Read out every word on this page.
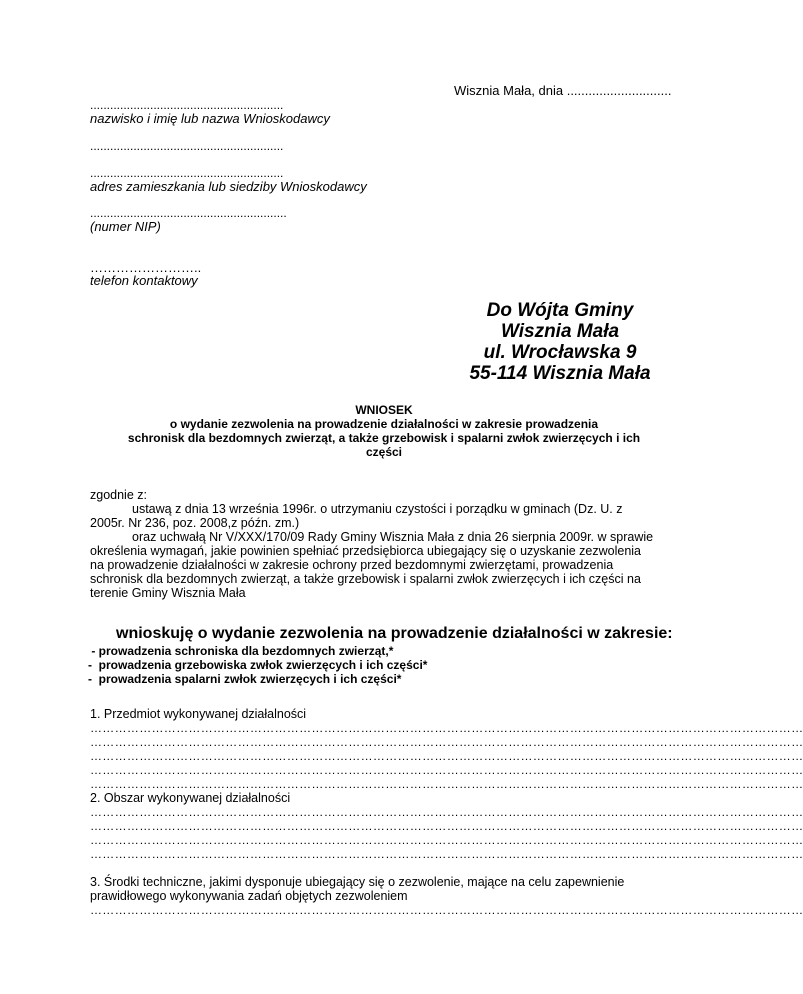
Wisznia Mała, dnia .............................
..........................................................
nazwisko i imię lub nazwa Wnioskodawcy
..........................................................
..........................................................
adres zamieszkania lub siedziby Wnioskodawcy
...........................................................
(numer NIP)
……………………..
telefon kontaktowy
Do Wójta Gminy
Wisznia Mała
ul. Wrocławska 9
55-114 Wisznia Mała
WNIOSEK
o wydanie zezwolenia na prowadzenie działalności w zakresie prowadzenia
schronisk dla bezdomnych zwierząt, a także grzebowisk i spalarni zwłok zwierzęcych i ich
części
zgodnie z:
ustawą z dnia 13 września 1996r. o utrzymaniu czystości i porządku w gminach (Dz. U. z
2005r. Nr 236, poz. 2008,z późn. zm.)
oraz uchwałą Nr V/XXX/170/09 Rady Gminy Wisznia Mała z dnia 26 sierpnia 2009r. w sprawie
określenia wymagań, jakie powinien spełniać przedsiębiorca ubiegający się o uzyskanie zezwolenia
na prowadzenie działalności w zakresie ochrony przed bezdomnymi zwierzętami, prowadzenia
schronisk dla bezdomnych zwierząt, a także grzebowisk i spalarni zwłok zwierzęcych i ich części na
terenie Gminy Wisznia Mała
wnioskuję o wydanie zezwolenia na prowadzenie działalności w zakresie:
- prowadzenia schroniska dla bezdomnych zwierząt,*
-  prowadzenia grzebowiska zwłok zwierzęcych i ich części*
-  prowadzenia spalarni zwłok zwierzęcych i ich części*
1. Przedmiot wykonywanej działalności
…………………………………………………………………………………………………………………………………………………………
…………………………………………………………………………………………………………………………………………………………
…………………………………………………………………………………………………………………………………………………………
…………………………………………………………………………………………………………………………………………………………
…………………………………………………………………………………………………………………………………………………………
2. Obszar wykonywanej działalności
…………………………………………………………………………………………………………………………………………………………
…………………………………………………………………………………………………………………………………………………………
…………………………………………………………………………………………………………………………………………………………
…………………………………………………………………………………………………………………………………………………………
3. Środki techniczne, jakimi dysponuje ubiegający się o zezwolenie, mające na celu zapewnienie
prawidłowego wykonywania zadań objętych zezwoleniem
…………………………………………………………………………………………………………………………………………………………
